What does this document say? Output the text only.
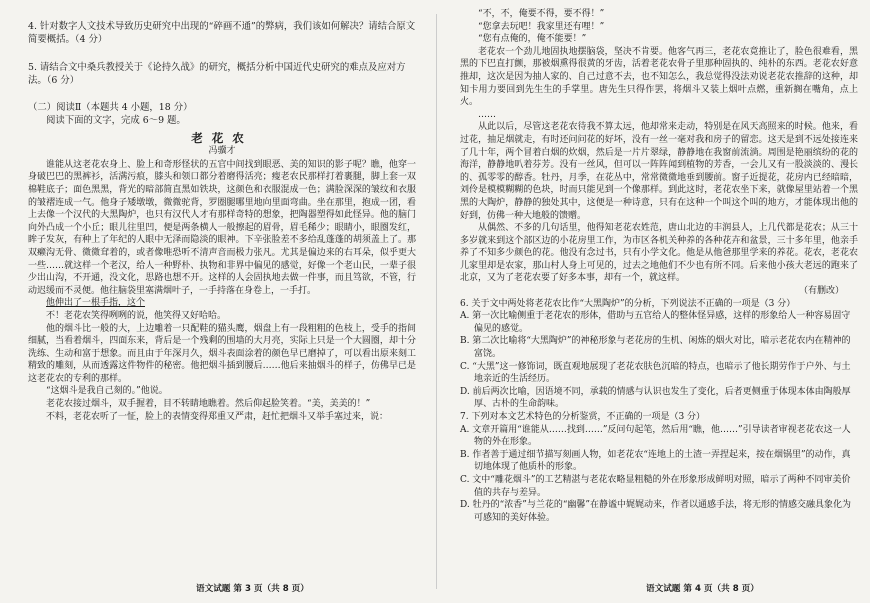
4. 针对数字人文技术导致历史研究中出现的“碎画不通”的弊病，我们该如何解决？请结合原文简要概括。（4 分）

5. 请结合文中桑兵教授关于《论持久战》的研究，概括分析中国近代史研究的难点及应对方法。（6 分）

（二）阅读Ⅱ（本题共 4 小题，18 分）

阅读下面的文字，完成 6～9 题。

老花农

冯骥才

谁能从这老花农身上、脸上和奇形怪状的五官中间找到眼恶、美的知识的影子呢？瞧，他穿一身破巴巴的黑裤衫，活满污痕，膝头和领口都分着磨得活亮；瘦老农民那样打着裹腿，脚上套一双棉鞋底子；面色黑黑，背光的暗部简直黑如铁块，这颜色和衣服混成一色；满脸深深的皱纹和衣服的皱褶连成一气。他身子矮墩墩，微微驼背，罗圈腿哪里地向里面弯曲。坐在那里，抱成一团，看上去像一个汉代的大黑陶炉，也只有汉代人才有那样奇特的想象，把陶器塑得如此怪异。他的脑门向外凸成一个小丘；眼儿往里凹，便是两条横人一般擦起的眉骨，眉毛稀少；眼睛小，眼圈发红，眸子发灰，有种上了年纪的人眼中无泽而隐淡的眼神。下辛张脸差不多给乱蓬蓬的胡须盖上了。那双癞沟无骨、微微耷着的，或者像唯恐听不清声音而极力张凡。尤其是偏边来的右耳朵，似乎更大一些……就这样一个老汉，给人一种野朴、执物和非界中偏见的感觉，好像一个老山民，一辈子很少出山沟，不开通，没文化，思路也想不开。这样的人会固执地去做一件事，而且笃欲，不管，行动迟缓而不灵便。他往脑袋里塞满烟叶子，一手持落在身卷上，一手打。

他伸出了一根手指，这个

不！老花农笑得咧咧的说，他笑得又好哈哈。

他的烟斗比一般的大，上边雕着一只配鞋的猫头鹰，烟盘上有一段粗粗的色枝上，受手的指间细腻，当看着烟斗，四面东来，背后是一个残剩的围墙的大月亮，实际上只是一个大圆圈，却十分洗练、生动和富于想象。而且由于年深月久，烟斗表面涂着的颜色早已磨掉了，可以看出原来刻工精致的雕刻，从而透露这件物件的秘密。他把烟斗插到腰后……他后来抽烟斗的样子，仿佛早已是这老花农的专利的那样。

“这烟斗是我自己刻的。”他说。

老花农接过烟斗，双手握着，目不转睛地瞧着。然后仰起脸笑着。“美，美美的！”

不料，老花农听了一怔，脸上的表情变得郑重又严肃，赶忙把烟斗又举手塞过来，说：

语文试题 第 3 页（共 8 页）

“不，不，俺要不得，要不得！”

“您拿去玩吧！我家里还有哩！”

“您有点俺的，俺不能要！”

老花农一个劲儿地固执地摆脑袋，坚决不肯要。他客气再三，老花农竟推让了，脸色很难看，黑黑的下巴直打颤，那被烟熏得很黄的牙齿，活着老花农骨子里那种固执的、纯朴的东西。老花农好意推却，这次是因为抽人家的、自己过意不去，也不知怎么，我总觉得没法劝说老花农推辞的这种，却知卡用力要回到先生生的手掌里。唐先生只得作罢，将烟斗又装上烟叶点燃，重新搁在嘴角，点上火。

……

从此以后，尽管这老花农待我不算太远，他却常来走动，特别是在风天高照来的时候。他来，看过花，抽足烟就走，有时还问问花的好坏，没有一丝一毫对我和房子的留恋。这天是到不远处接连来了几十年，两个冒着白烟的炊烟，然后是一片片翠绿，静静地在我窗前流淌。周围是艳丽缤纷的花的海洋，静静地叭着芬芳。没有一丝风，但可以一阵阵闻到植物的芳香，一会儿又有一股淡淡的、漫长的、孤零零的醇香。牡丹，月季，在花丛中，常常微微地垂到腰前。窗子近提花，花房内已经暗暗，刘伶是模模糊糊的色块，时而只能见到一个像那样。到此这时，老花农坐下来，就像屋里站着一个黑黑的大陶炉，静静的独处其中，这便是一种诗意，只有在这种一个叫这个叫的地方，才能体现出他的好到，仿佛一种大地般的馈赠。

从偶然、不多的几句话里，他得知老花农姓范，唐山北边的丰润县人，上几代都是花农；从三十多岁就来到这个部区边的小花房里工作，为市区各机关种养的各种花卉和盆景，三十多年里，他亲手养了不知多少颜色的花。他没有念过书，只有小学文化。他是从他爸那里学来的养花。花农，老花农儿家里却是农家，那山村人身上可见的，过去之地他们不少也有所不同。后来他小孩大老远的跑来了北京，又为了老花农要了好多本事，却有一个，就这样。

（有删改）

6. 关于文中两处将老花农比作“大黑陶炉”的分析，下列说法不正确的一项是（3 分）

A. 第一次比喻侧重于老花农的形体，借助与五官给人的整体怪异感，这样的形象给人一种容易固守偏见的感觉。

B. 第二次比喻将“大黑陶炉”的神秘形象与老花房的生机、闲炼的烟火对比，暗示老花农内在精神的富饶。

C. “大黑”这一修饰词，既直观地展现了老花农肤色沉暗的特点，也暗示了他长期劳作于户外、与土地亲近的生活经历。

D. 前后两次比喻，因语境不同，承载的情感与认识也发生了变化，后者更侧重于体现本体由陶般厚厚、古朴的生命韵味。

7. 下列对本文艺术特色的分析鉴赏，不正确的一项是（3 分）

A. 文章开篇用“谁能从……找到……”反问句起笔，然后用“瞧，他……”引导读者审视老花农这一人物的外在形象。

B. 作者善于通过细节描写刻画人物，如老花农“连地上的土渣一弄捏起来，按在烟锅里”的动作，真切地体现了他质朴的形象。

C. 文中“雕花烟斗”的工艺精湛与老花农略显粗糙的外在形象形成鲜明对照，暗示了两种不同审美价值的共存与差异。

D. 牡丹的“浓香”与兰花的“幽馨”在静谧中娓娓动来，作者以通感手法，将无形的情感交融具象化为可感知的美好体验。

语文试题 第 4 页（共 8 页）
